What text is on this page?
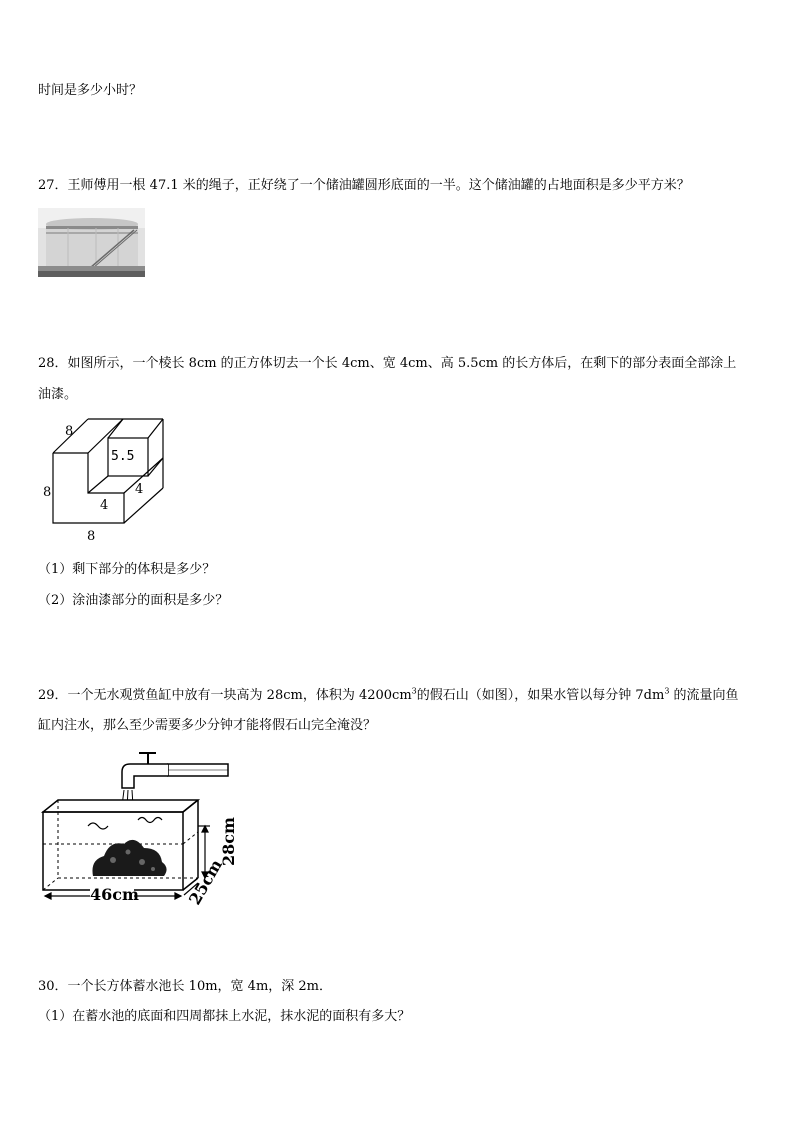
时间是多少小时？
27．王师傅用一根 47.1 米的绳子，正好绕了一个储油罐圆形底面的一半。这个储油罐的占地面积是多少平方米？
28．如图所示，一个棱长 8cm 的正方体切去一个长 4cm、宽 4cm、高 5.5cm 的长方体后，在剩下的部分表面全部涂上
油漆。
8
8
8
5.5
4
4
（1）剩下部分的体积是多少？
（2）涂油漆部分的面积是多少？
29．一个无水观赏鱼缸中放有一块高为 28cm，体积为 $4200cm^3$的假石山（如图），如果水管以每分钟 $7dm^3$ 的流量向鱼
缸内注水，那么至少需要多少分钟才能将假石山完全淹没？
46cm
28cm
25cm
30．一个长方体蓄水池长 10m，宽 4m，深 2m．
（1）在蓄水池的底面和四周都抹上水泥，抹水泥的面积有多大？
